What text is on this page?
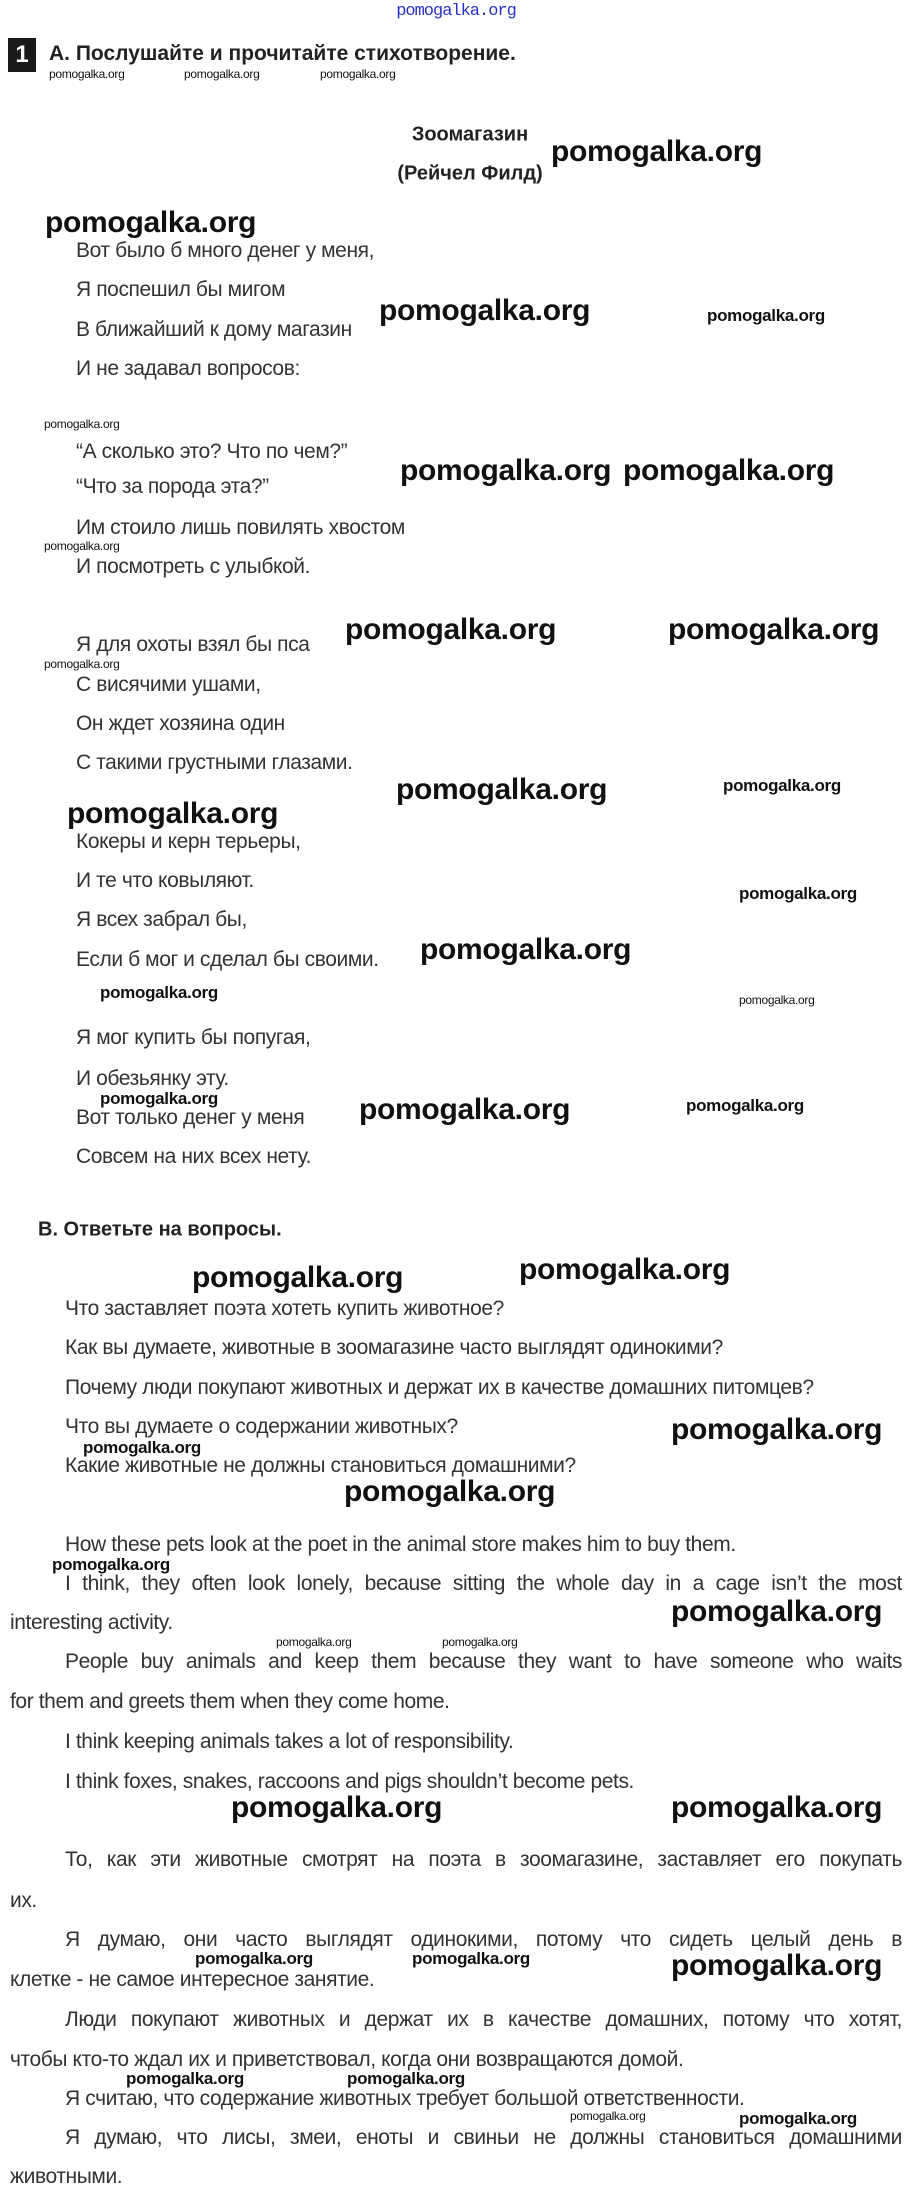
pomogalka.org
1 А. Послушайте и прочитайте стихотворение.
Зоомагазин
(Рейчел Филд)
B. Ответьте на вопросы.
Вот было б много денег у меня,
Я поспешил бы мигом
В ближайший к дому магазин
И не задавал вопросов:
“А сколько это? Что по чем?”
“Что за порода эта?”
Им стоило лишь повилять хвостом
И посмотреть с улыбкой.
Я для охоты взял бы пса
С висячими ушами,
Он ждет хозяина один
С такими грустными глазами.
Кокеры и керн терьеры,
И те что ковыляют.
Я всех забрал бы,
Если б мог и сделал бы своими.
Я мог купить бы попугая,
И обезьянку эту.
Вот только денег у меня
Совсем на них всех нету.
Что заставляет поэта хотеть купить животное?
Как вы думаете, животные в зоомагазине часто выглядят одинокими?
Почему люди покупают животных и держат их в качестве домашних питомцев?
Что вы думаете о содержании животных?
Какие животные не должны становиться домашними?
How these pets look at the poet in the animal store makes him to buy them.
I think, they often look lonely, because sitting the whole day in a cage isn’t the most
interesting activity.
People buy animals and keep them because they want to have someone who waits
for them and greets them when they come home.
I think keeping animals takes a lot of responsibility.
I think foxes, snakes, raccoons and pigs shouldn’t become pets.
То, как эти животные смотрят на поэта в зоомагазине, заставляет его покупать
их.
Я думаю, они часто выглядят одинокими, потому что сидеть целый день в
клетке - не самое интересное занятие.
Люди покупают животных и держат их в качестве домашних, потому что хотят,
чтобы кто-то ждал их и приветствовал, когда они возвращаются домой.
Я считаю, что содержание животных требует большой ответственности.
Я думаю, что лисы, змеи, еноты и свиньи не должны становиться домашними
животными.
pomogalka.org
pomogalka.org
pomogalka.org
pomogalka.org pomogalka.org
pomogalka.org	pomogalka.org
pomogalka.org
pomogalka.org
pomogalka.org
pomogalka.org
pomogalka.org	pomogalka.org
pomogalka.org
pomogalka.org
pomogalka.org
pomogalka.org	pomogalka.org
pomogalka.org
pomogalka.org
pomogalka.org
pomogalka.org
pomogalka.org
pomogalka.org
pomogalka.org
pomogalka.org
pomogalka.org
pomogalka.org	pomogalka.org
pomogalka.org	pomogalka.org
pomogalka.org
pomogalka.org
pomogalka.org
pomogalka.org
pomogalka.org
pomogalka.org	pomogalka.org
pomogalka.org
pomogalka.org	pomogalka.org	pomogalka.org
